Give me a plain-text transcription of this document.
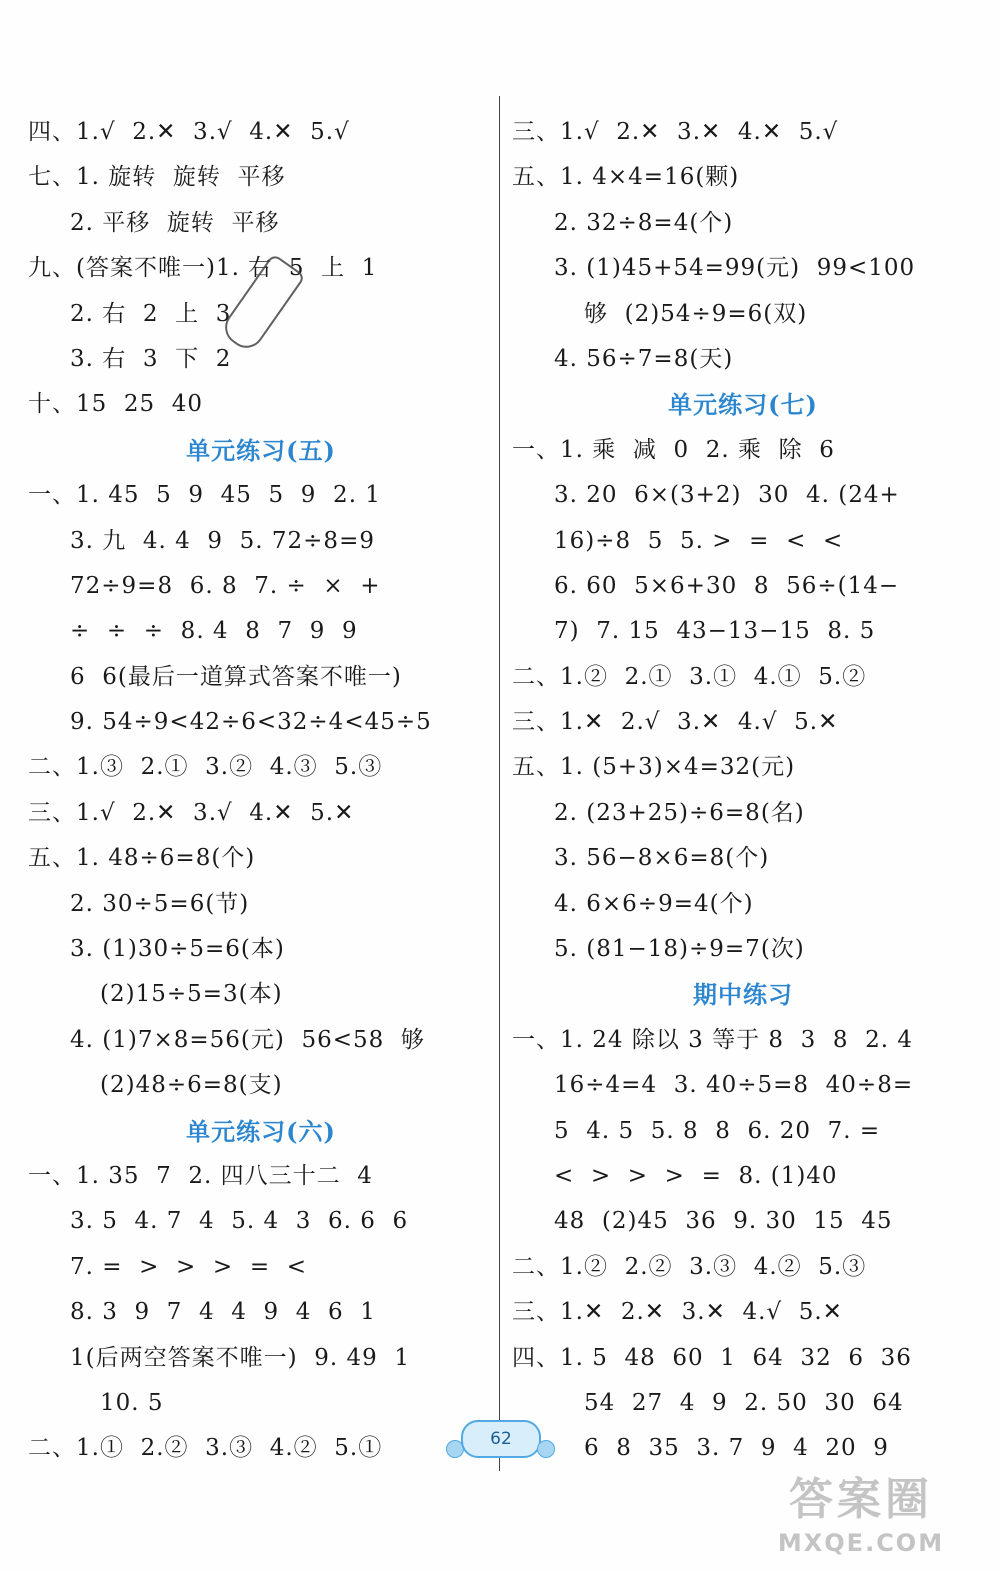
四、1.√  2.✕  3.√  4.✕  5.√
七、1. 旋转  旋转  平移
2. 平移  旋转  平移
九、(答案不唯一)1. 右  5  上  1
2. 右  2  上  3
3. 右  3  下  2
十、15  25  40
单元练习(五)
一、1. 45  5  9  45  5  9  2. 1
3. 九  4. 4  9  5. 72÷8=9
72÷9=8  6. 8  7. ÷  ×  +
÷  ÷  ÷  8. 4  8  7  9  9
6  6(最后一道算式答案不唯一)
9. 54÷9<42÷6<32÷4<45÷5
二、1.③  2.①  3.②  4.③  5.③
三、1.√  2.✕  3.√  4.✕  5.✕
五、1. 48÷6=8(个)
2. 30÷5=6(节)
3. (1)30÷5=6(本)
(2)15÷5=3(本)
4. (1)7×8=56(元)  56<58  够
(2)48÷6=8(支)
单元练习(六)
一、1. 35  7  2. 四八三十二  4
3. 5  4. 7  4  5. 4  3  6. 6  6
7. =  >  >  >  =  <
8. 3  9  7  4  4  9  4  6  1
1(后两空答案不唯一)  9. 49  1
10. 5
二、1.①  2.②  3.③  4.②  5.①
三、1.√  2.✕  3.✕  4.✕  5.√
五、1. 4×4=16(颗)
2. 32÷8=4(个)
3. (1)45+54=99(元)  99<100
够  (2)54÷9=6(双)
4. 56÷7=8(天)
单元练习(七)
一、1. 乘  减  0  2. 乘  除  6
3. 20  6×(3+2)  30  4. (24+
16)÷8  5  5. >  =  <  <
6. 60  5×6+30  8  56÷(14−
7)  7. 15  43−13−15  8. 5
二、1.②  2.①  3.①  4.①  5.②
三、1.✕  2.√  3.✕  4.√  5.✕
五、1. (5+3)×4=32(元)
2. (23+25)÷6=8(名)
3. 56−8×6=8(个)
4. 6×6÷9=4(个)
5. (81−18)÷9=7(次)
期中练习
一、1. 24 除以 3 等于 8  3  8  2. 4
16÷4=4  3. 40÷5=8  40÷8=
5  4. 5  5. 8  8  6. 20  7. =
<  >  >  >  =  8. (1)40
48  (2)45  36  9. 30  15  45
二、1.②  2.②  3.③  4.②  5.③
三、1.✕  2.✕  3.✕  4.√  5.✕
四、1. 5  48  60  1  64  32  6  36
54  27  4  9  2. 50  30  64
6  8  35  3. 7  9  4  20  9
62
答案圈
MXQE.COM
